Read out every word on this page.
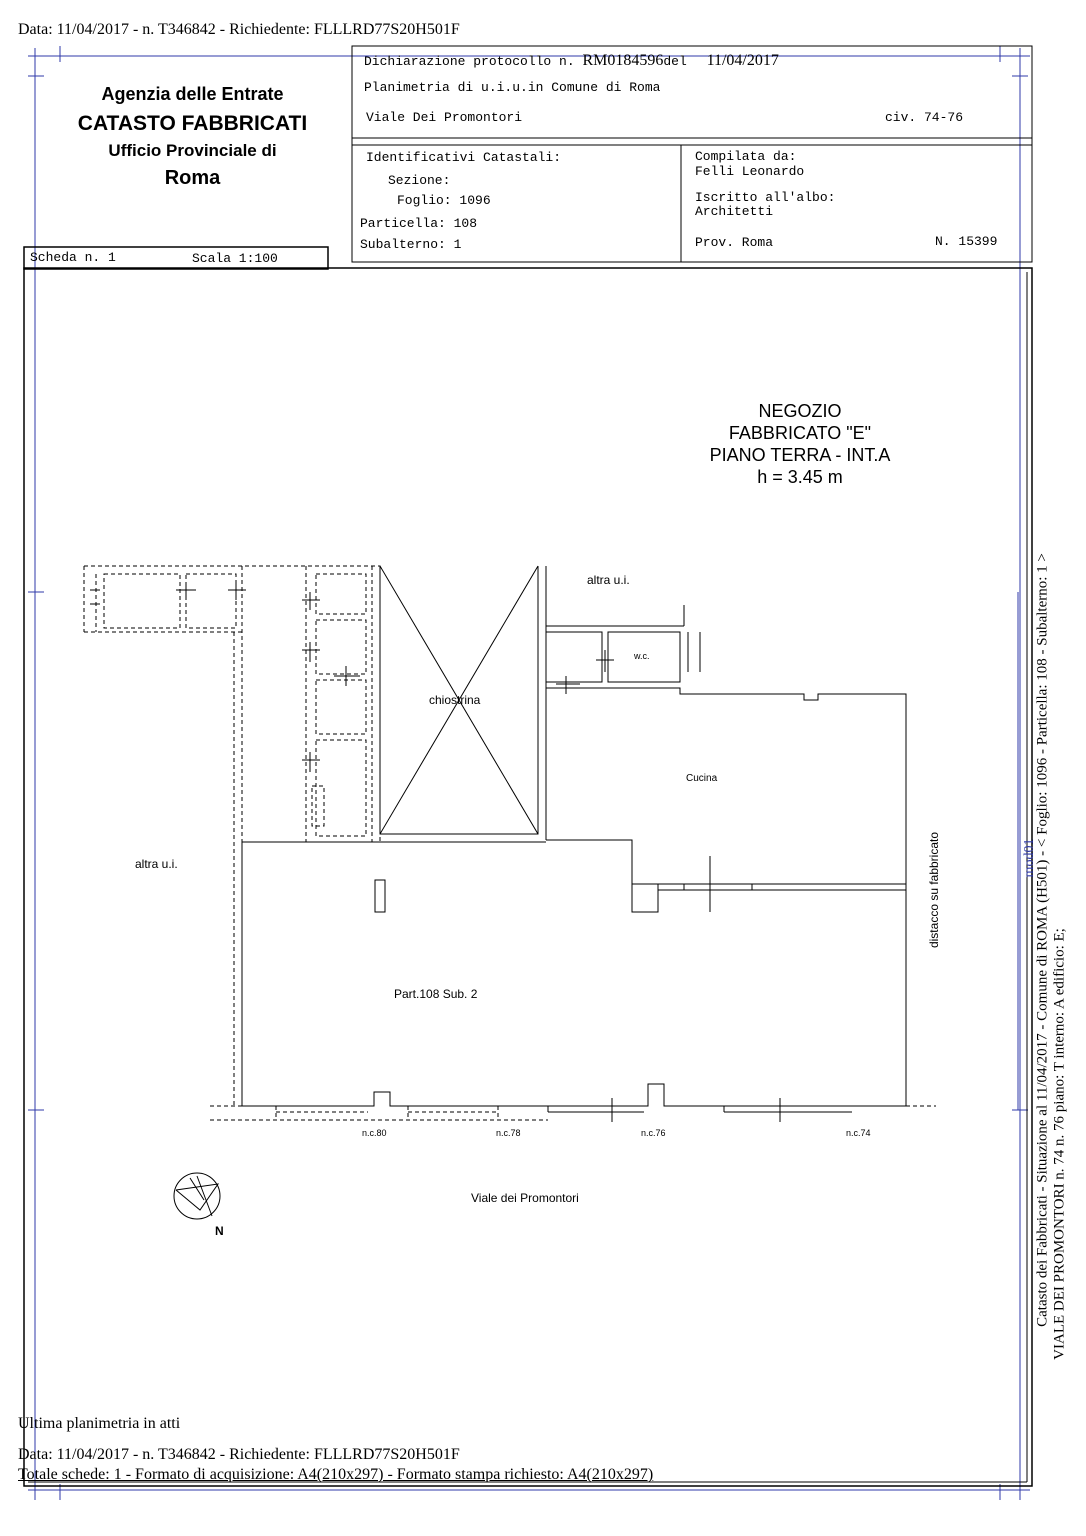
Data: 11/04/2017 - n. T346842 - Richiedente: FLLLRD77S20H501F
Agenzia delle Entrate
CATASTO FABBRICATI
Ufficio Provinciale di
Roma
Scheda n. 1	Scala 1:100
Dichiarazione protocollo n. RM0184596del 11/04/2017
Planimetria di u.i.u.in Comune di Roma
Viale Dei Promontori	civ. 74-76
Identificativi Catastali:
Sezione:
Foglio: 1096
Particella: 108
Subalterno: 1
Compilata da:
Felli Leonardo
Iscritto all'albo:
Architetti
Prov. Roma	N. 15399
NEGOZIO
FABBRICATO "E"
PIANO TERRA - INT.A
h = 3.45 m
altra u.i.
w.c.
chiostrina
Cucina
altra u.i.
Part.108 Sub. 2
distacco su fabbricato
n.c.80	n.c.78	n.c.76	n.c.74
Viale dei Promontori
N	Catasto dei Fabbricati - Situazione al 11/04/2017 - Comune di ROMA (H501) - < Foglio: 1096 - Particella: 108 - Subalterno: 1 > VIALE DEI PROMONTORI n. 74 n. 76 piano: T interno: A edificio: E;
mod01
Ultima planimetria in atti
Data: 11/04/2017 - n. T346842 - Richiedente: FLLLRD77S20H501F
Totale schede: 1 - Formato di acquisizione: A4(210x297) - Formato stampa richiesto: A4(210x297)
